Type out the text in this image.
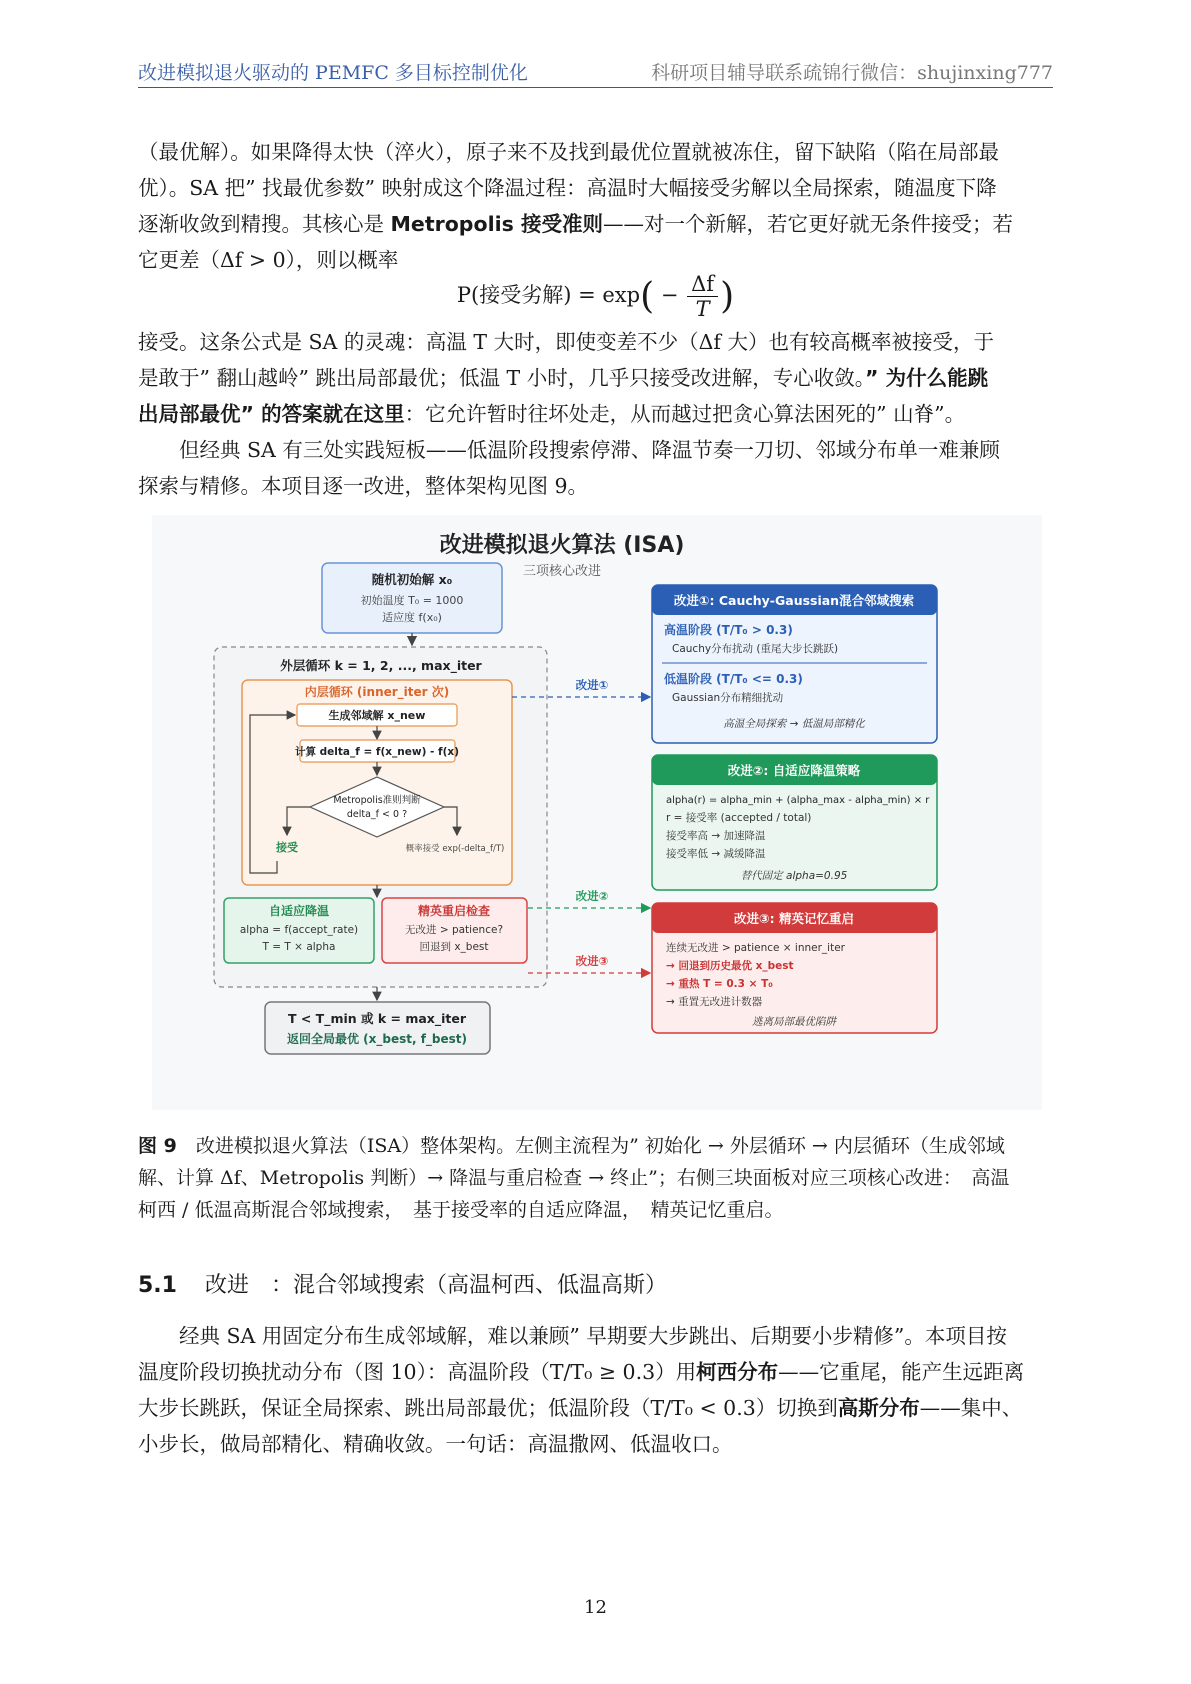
改进模拟退火驱动的 PEMFC 多目标控制优化	科研项目辅导联系疏锦行微信：shujinxing777
（最优解）。如果降得太快（淬火），原子来不及找到最优位置就被冻住，留下缺陷（陷在局部最
优）。SA 把” 找最优参数” 映射成这个降温过程：高温时大幅接受劣解以全局探索，随温度下降
逐渐收敛到精搜。其核心是 Metropolis 接受准则——对一个新解，若它更好就无条件接受；若
它更差（Δf > 0），则以概率
P(接受劣解) = $\exp( - \frac{\Delta f}{T}$ )
接受。这条公式是 SA 的灵魂：高温 T 大时，即使变差不少（Δf 大）也有较高概率被接受，于
是敢于” 翻山越岭” 跳出局部最优；低温 T 小时，几乎只接受改进解，专心收敛。” 为什么能跳
出局部最优” 的答案就在这里：它允许暂时往坏处走，从而越过把贪心算法困死的” 山脊”。
但经典 SA 有三处实践短板——低温阶段搜索停滞、降温节奏一刀切、邻域分布单一难兼顾
探索与精修。本项目逐一改进，整体架构见图 9。
改进模拟退火算法 (ISA)
三项核心改进
随机初始解 x₀
初始温度 T₀ = 1000
适应度 f(x₀)
外层循环 k = 1, 2, ..., max_iter
内层循环 (inner_iter 次)
生成邻域解 x_new
计算 delta_f = f(x_new) - f(x)
Metropolis准则判断
delta_f < 0 ?
接受	概率接受 exp(-delta_f/T)
自适应降温
alpha = f(accept_rate)
T = T × alpha
精英重启检查
无改进 > patience?
回退到 x_best
T < T_min 或 k = max_iter
返回全局最优 (x_best, f_best)
改进①
改进②
改进③
改进①: Cauchy-Gaussian混合邻域搜索
高温阶段 (T/T₀ > 0.3)
Cauchy分布扰动 (重尾大步长跳跃)
低温阶段 (T/T₀ <= 0.3)
Gaussian分布精细扰动
高温全局探索 → 低温局部精化
改进②: 自适应降温策略
alpha(r) = alpha_min + (alpha_max - alpha_min) × r
r = 接受率 (accepted / total)
接受率高 → 加速降温
接受率低 → 减缓降温
替代固定 alpha=0.95
改进③: 精英记忆重启
连续无改进 > patience × inner_iter
→ 回退到历史最优 x_best
→ 重热 T = 0.3 × T₀
→ 重置无改进计数器
逃离局部最优陷阱
图 9　 改进模拟退火算法（ISA）整体架构。左侧主流程为” 初始化 → 外层循环 → 内层循环（生成邻域
解、计算 Δf、Metropolis 判断）→ 降温与重启检查 → 终止”；右侧三块面板对应三项核心改进：　高温
柯西 / 低温高斯混合邻域搜索，　基于接受率的自适应降温，　精英记忆重启。
5.1 改进　：混合邻域搜索（高温柯西、低温高斯）
经典 SA 用固定分布生成邻域解，难以兼顾” 早期要大步跳出、后期要小步精修”。本项目按
温度阶段切换扰动分布（图 10）：高温阶段（T/T₀ ≥ 0.3）用柯西分布——它重尾，能产生远距离
大步长跳跃，保证全局探索、跳出局部最优；低温阶段（T/T₀ < 0.3）切换到高斯分布——集中、
小步长，做局部精化、精确收敛。一句话：高温撒网、低温收口。
12
